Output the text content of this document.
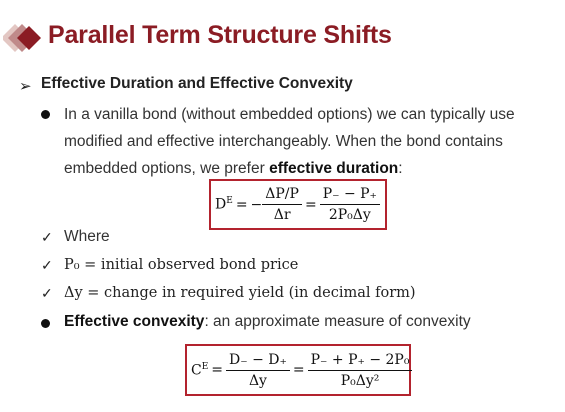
Parallel Term Structure Shifts
➢ Effective Duration and Effective Convexity
In a vanilla bond (without embedded options) we can typically use modified and effective interchangeably. When the bond contains embedded options, we prefer effective duration:
$D^E$ = − $\frac{\Delta P/P}{\Delta r} = \frac{P_- - P_+}{\text{2P₀Δy}}$
✓ Where
✓ P₀ = initial observed bond price
✓ Δy = change in required yield (in decimal form)
Effective convexity: an approximate measure of convexity
$C^E = \frac{D_- - D_+}{\Delta y} = \frac{\text{P₋ + P₊ − 2P₀}}{\text{P₀Δy²}}$
